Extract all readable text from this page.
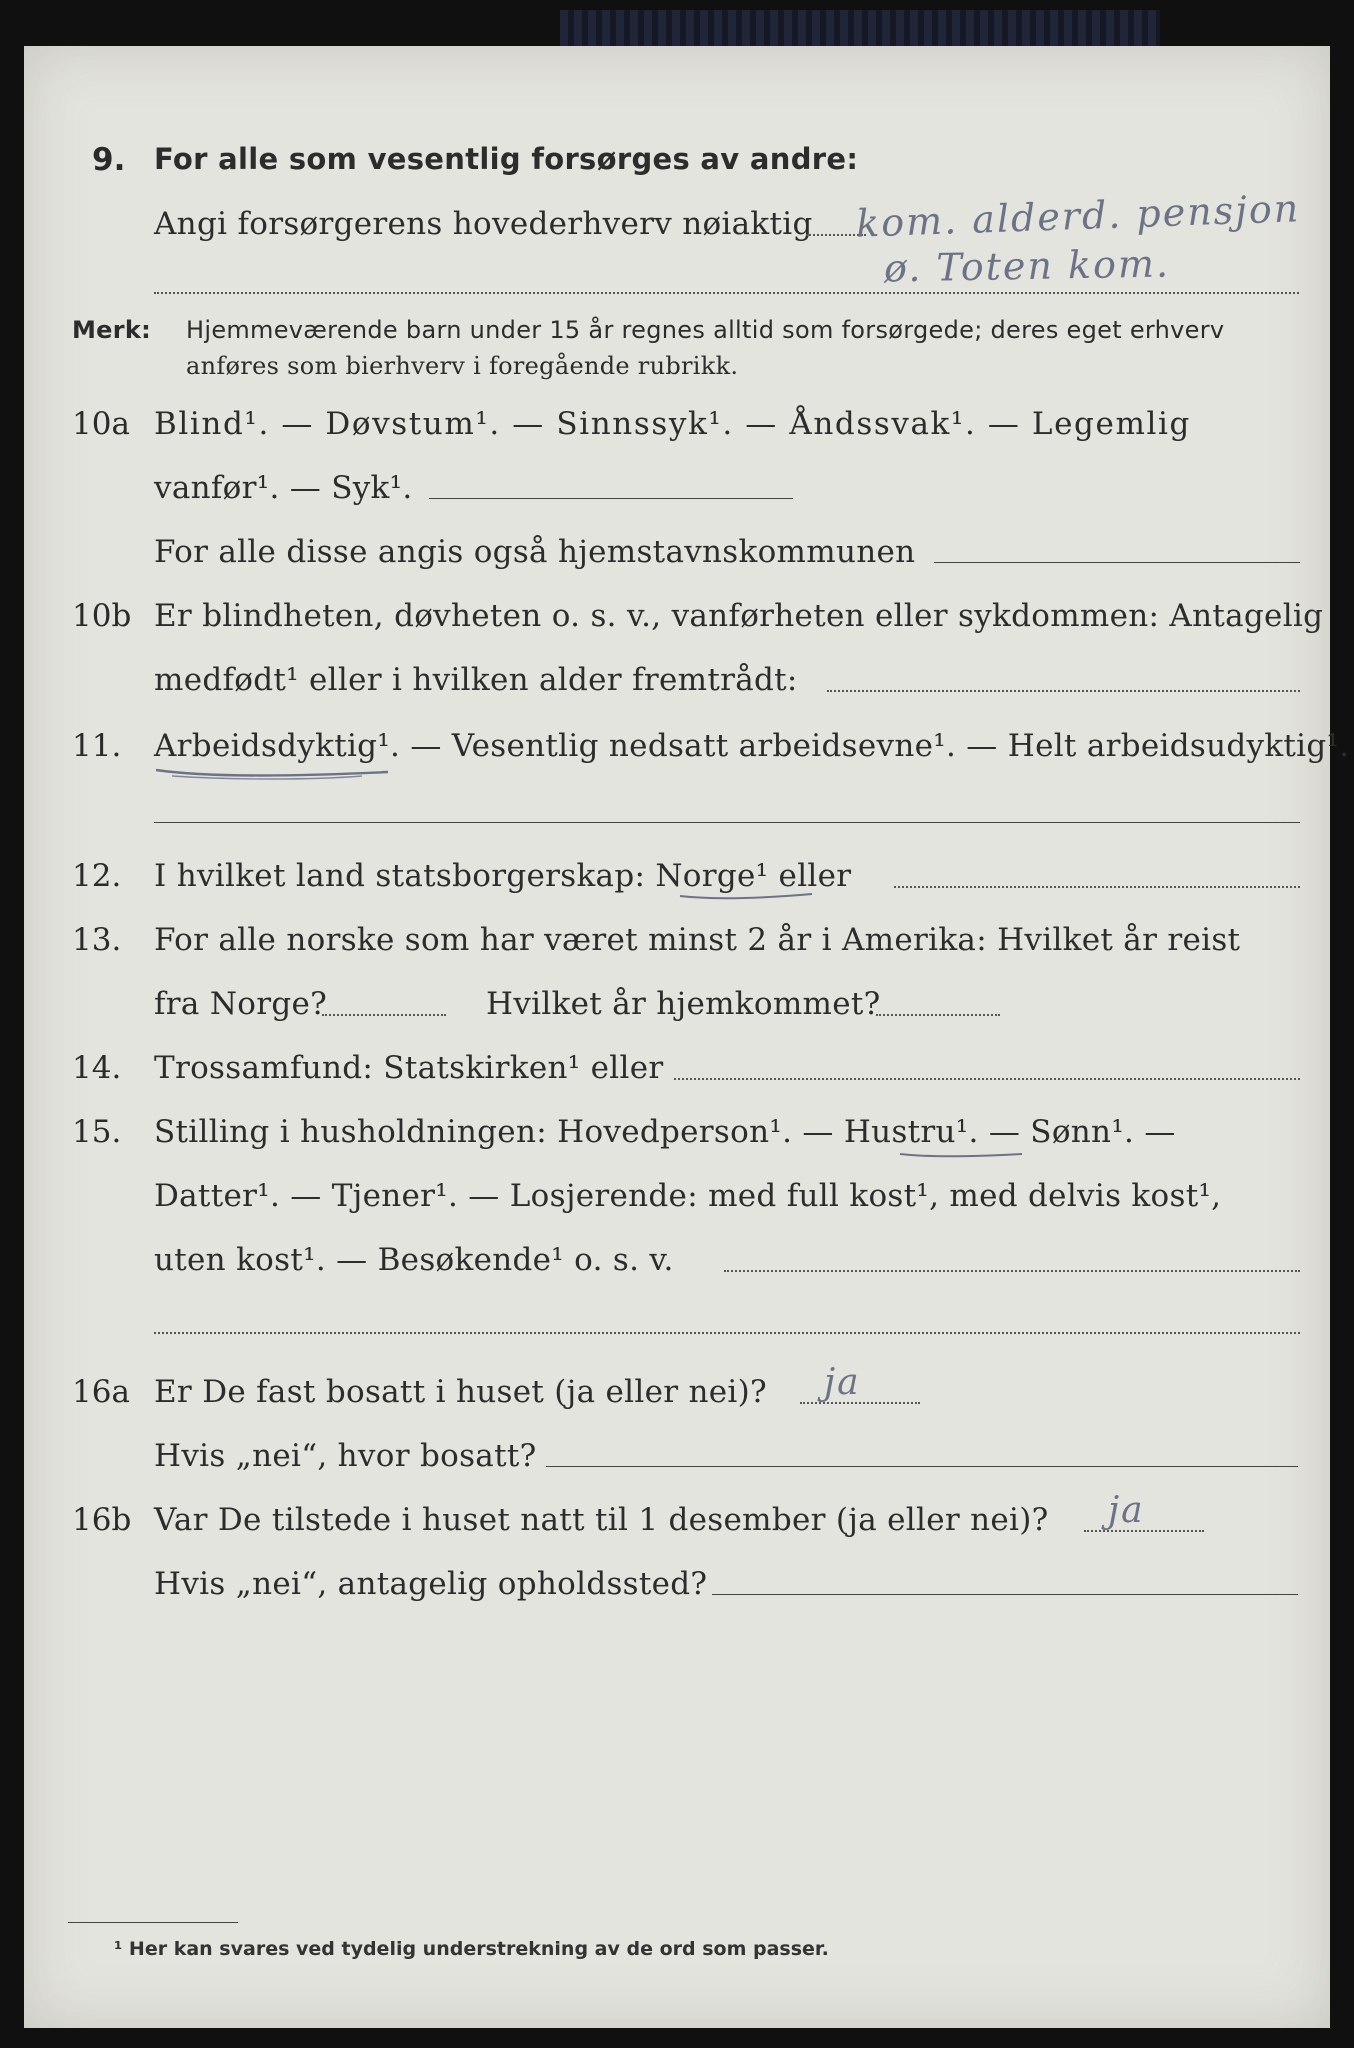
9. For alle som vesentlig forsørges av andre:
Angi forsørgerens hovederhverv nøiaktig kom. alderd. pensjon
ø. Toten kom.
Merk: Hjemmeværende barn under 15 år regnes alltid som forsørgede; deres eget erhverv
anføres som bierhverv i foregående rubrikk.
10a Blind¹. — Døvstum¹. — Sinnssyk¹. — Åndssvak¹. — Legemlig
vanfør¹. — Syk¹.
For alle disse angis også hjemstavnskommunen
10b Er blindheten, døvheten o. s. v., vanførheten eller sykdommen: Antagelig
medfødt¹ eller i hvilken alder fremtrådt:
11. Arbeidsdyktig¹. — Vesentlig nedsatt arbeidsevne¹. — Helt arbeidsudyktig¹.
12. I hvilket land statsborgerskap: Norge¹ eller
13. For alle norske som har været minst 2 år i Amerika: Hvilket år reist
fra Norge?	Hvilket år hjemkommet?
14. Trossamfund: Statskirken¹ eller
15. Stilling i husholdningen: Hovedperson¹. — Hustru¹. — Sønn¹. —
Datter¹. — Tjener¹. — Losjerende: med full kost¹, med delvis kost¹,
uten kost¹. — Besøkende¹ o. s. v.
16a Er De fast bosatt i huset (ja eller nei)? ja
Hvis „nei“, hvor bosatt?
16b Var De tilstede i huset natt til 1 desember (ja eller nei)? ja
Hvis „nei“, antagelig opholdssted?
¹ Her kan svares ved tydelig understrekning av de ord som passer.
